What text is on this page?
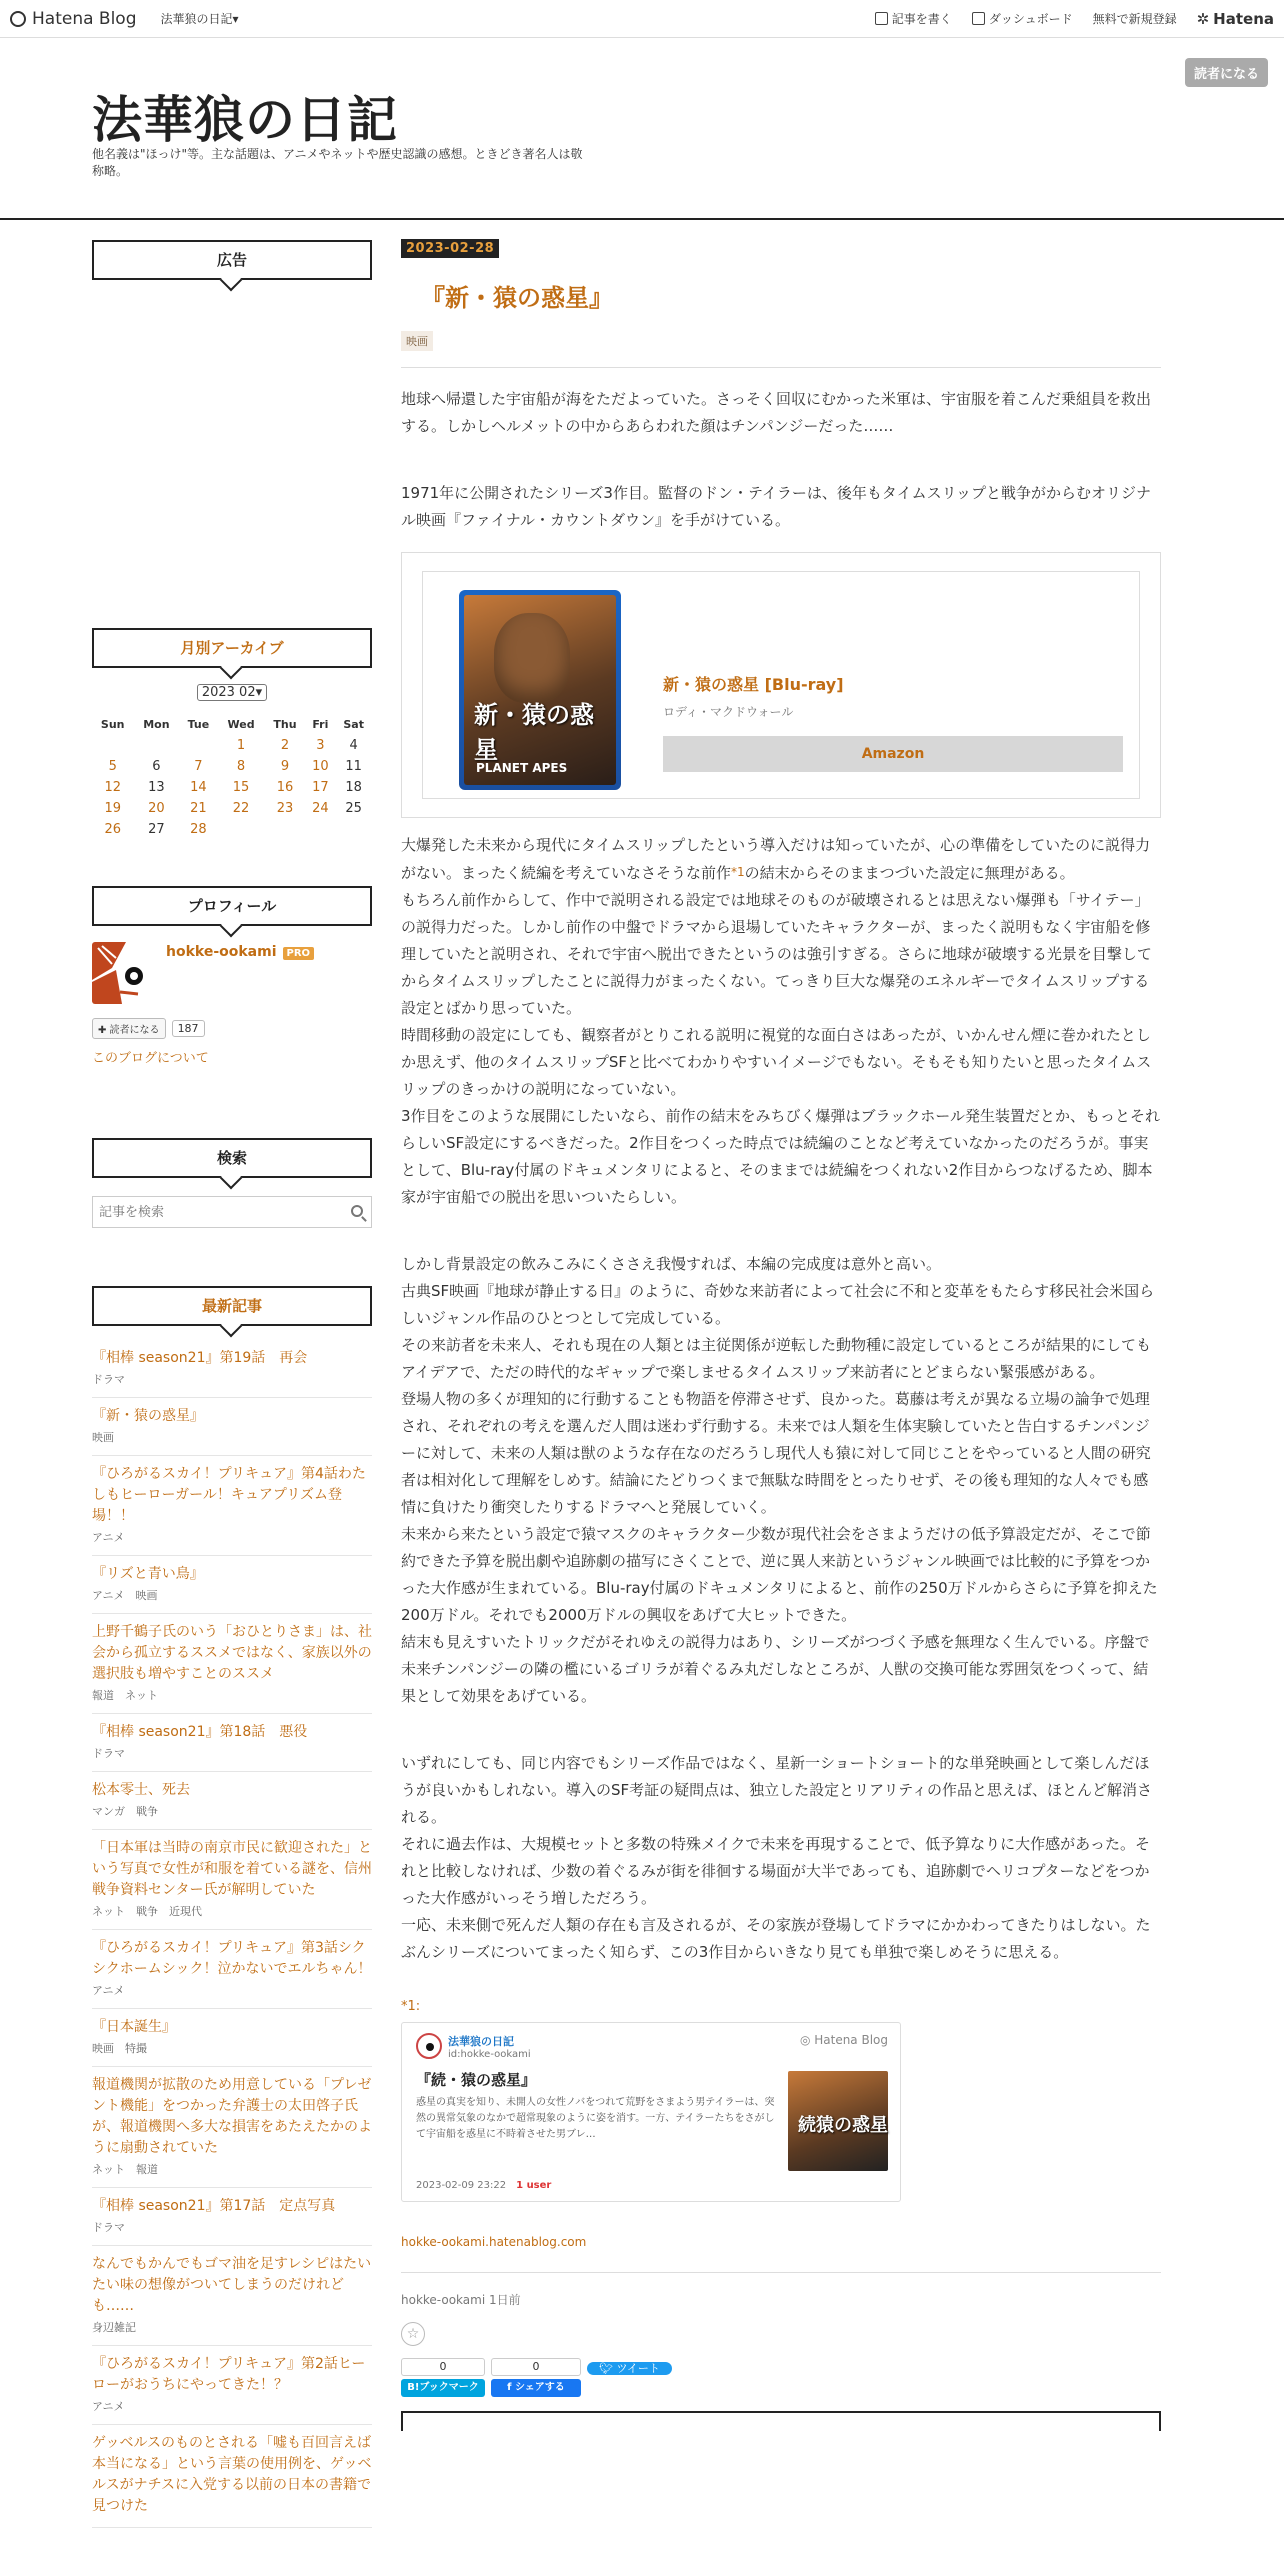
Hatena Blog 法華狼の日記▾	記事を書く	ダッシュボード 無料で新規登録 ✲ Hatena
法華狼の日記
他名義は"ほっけ"等。主な話題は、アニメやネットや歴史認識の感想。ときどき著名人は敬称略。
読者になる
広告
月別アーカイブ
2023 02▾
Sun	Mon	Tue	Wed	Thu	Fri	Sat
			1	2	3	4
5	6	7	8	9	10	11
12	13	14	15	16	17	18
19	20	21	22	23	24	25
26	27	28				
プロフィール
hokke-ookami PRO
✚ 読者になる	187
このブログについて
検索
記事を検索
最新記事
『相棒 season21』第19話　再会
ドラマ
『新・猿の惑星』
映画
『ひろがるスカイ！プリキュア』第4話わたしもヒーローガール！キュアプリズム登場！！
アニメ
『リズと青い鳥』
アニメ　映画
上野千鶴子氏のいう「おひとりさま」は、社会から孤立するススメではなく、家族以外の選択肢も増やすことのススメ
報道　ネット
『相棒 season21』第18話　悪役
ドラマ
松本零士、死去
マンガ　戦争
「日本軍は当時の南京市民に歓迎された」という写真で女性が和服を着ている謎を、信州戦争資料センター氏が解明していた
ネット　戦争　近現代
『ひろがるスカイ！プリキュア』第3話シクシクホームシック！泣かないでエルちゃん！
アニメ
『日本誕生』
映画　特撮
報道機関が拡散のため用意している「プレゼント機能」をつかった弁護士の太田啓子氏が、報道機関へ多大な損害をあたえたかのように扇動されていた
ネット　報道
『相棒 season21』第17話　定点写真
ドラマ
なんでもかんでもゴマ油を足すレシピはたいたい味の想像がついてしまうのだけれども……
身辺雑記
『ひろがるスカイ！プリキュア』第2話ヒーローがおうちにやってきた！？
アニメ
ゲッベルスのものとされる「嘘も百回言えば本当になる」という言葉の使用例を、ゲッベルスがナチスに入党する以前の日本の書籍で見つけた
2023-02-28
『新・猿の惑星』
映画

地球へ帰還した宇宙船が海をただよっていた。さっそく回収にむかった米軍は、宇宙服を着こんだ乗組員を救出する。しかしヘルメットの中からあらわれた顔はチンパンジーだった……

1971年に公開されたシリーズ3作目。監督のドン・テイラーは、後年もタイムスリップと戦争がからむオリジナル映画『ファイナル・カウントダウン』を手がけている。

新・猿の惑星
PLANET APES
新・猿の惑星 [Blu-ray]
ロディ・マクドウォール
Amazon

大爆発した未来から現代にタイムスリップしたという導入だけは知っていたが、心の準備をしていたのに説得力がない。まったく続編を考えていなさそうな前作*1の結末からそのままつづいた設定に無理がある。

もちろん前作からして、作中で説明される設定では地球そのものが破壊されるとは思えない爆弾も「サイテー」の説得力だった。しかし前作の中盤でドラマから退場していたキャラクターが、まったく説明もなく宇宙船を修理していたと説明され、それで宇宙へ脱出できたというのは強引すぎる。さらに地球が破壊する光景を目撃してからタイムスリップしたことに説得力がまったくない。てっきり巨大な爆発のエネルギーでタイムスリップする設定とばかり思っていた。

時間移動の設定にしても、観察者がとりこれる説明に視覚的な面白さはあったが、いかんせん煙に巻かれたとしか思えず、他のタイムスリップSFと比べてわかりやすいイメージでもない。そもそも知りたいと思ったタイムスリップのきっかけの説明になっていない。

3作目をこのような展開にしたいなら、前作の結末をみちびく爆弾はブラックホール発生装置だとか、もっとそれらしいSF設定にするべきだった。2作目をつくった時点では続編のことなど考えていなかったのだろうが。事実として、Blu-ray付属のドキュメンタリによると、そのままでは続編をつくれない2作目からつなげるため、脚本家が宇宙船での脱出を思いついたらしい。

しかし背景設定の飲みこみにくささえ我慢すれば、本編の完成度は意外と高い。

古典SF映画『地球が静止する日』のように、奇妙な来訪者によって社会に不和と変革をもたらす移民社会米国らしいジャンル作品のひとつとして完成している。

その来訪者を未来人、それも現在の人類とは主従関係が逆転した動物種に設定しているところが結果的にしてもアイデアで、ただの時代的なギャップで楽しませるタイムスリップ来訪者にとどまらない緊張感がある。

登場人物の多くが理知的に行動することも物語を停滞させず、良かった。葛藤は考えが異なる立場の論争で処理され、それぞれの考えを選んだ人間は迷わず行動する。未来では人類を生体実験していたと告白するチンパンジーに対して、未来の人類は獣のような存在なのだろうし現代人も猿に対して同じことをやっていると人間の研究者は相対化して理解をしめす。結論にたどりつくまで無駄な時間をとったりせず、その後も理知的な人々でも感情に負けたり衝突したりするドラマへと発展していく。

未来から来たという設定で猿マスクのキャラクター少数が現代社会をさまようだけの低予算設定だが、そこで節約できた予算を脱出劇や追跡劇の描写にさくことで、逆に異人来訪というジャンル映画では比較的に予算をつかった大作感が生まれている。Blu-ray付属のドキュメンタリによると、前作の250万ドルからさらに予算を抑えた200万ドル。それでも2000万ドルの興収をあげて大ヒットできた。

結末も見えすいたトリックだがそれゆえの説得力はあり、シリーズがつづく予感を無理なく生んでいる。序盤で未来チンパンジーの隣の檻にいるゴリラが着ぐるみ丸だしなところが、人獣の交換可能な雰囲気をつくって、結果として効果をあげている。

いずれにしても、同じ内容でもシリーズ作品ではなく、星新一ショートショート的な単発映画として楽しんだほうが良いかもしれない。導入のSF考証の疑問点は、独立した設定とリアリティの作品と思えば、ほとんど解消される。

それに過去作は、大規模セットと多数の特殊メイクで未来を再現することで、低予算なりに大作感があった。それと比較しなければ、少数の着ぐるみが街を徘徊する場面が大半であっても、追跡劇でヘリコプターなどをつかった大作感がいっそう増しただろう。

一応、未来側で死んだ人類の存在も言及されるが、その家族が登場してドラマにかかわってきたりはしない。たぶんシリーズについてまったく知らず、この3作目からいきなり見ても単独で楽しめそうに思える。

*1:
法華狼の日記
id:hokke-ookami
◎ Hatena Blog
『続・猿の惑星』
惑星の真実を知り、未開人の女性ノバをつれて荒野をさまよう男テイラーは、突然の異常気象のなかで超常現象のように姿を消す。一方、テイラーたちをさがして宇宙船を惑星に不時着させた男ブレ…	続猿の惑星
2023-02-09 23:22 1 user
hokke-ookami.hatenablog.com
hokke-ookami 1日前
☆
0
B!ブックマーク
0
f シェアする
🐦︎ ツイート
